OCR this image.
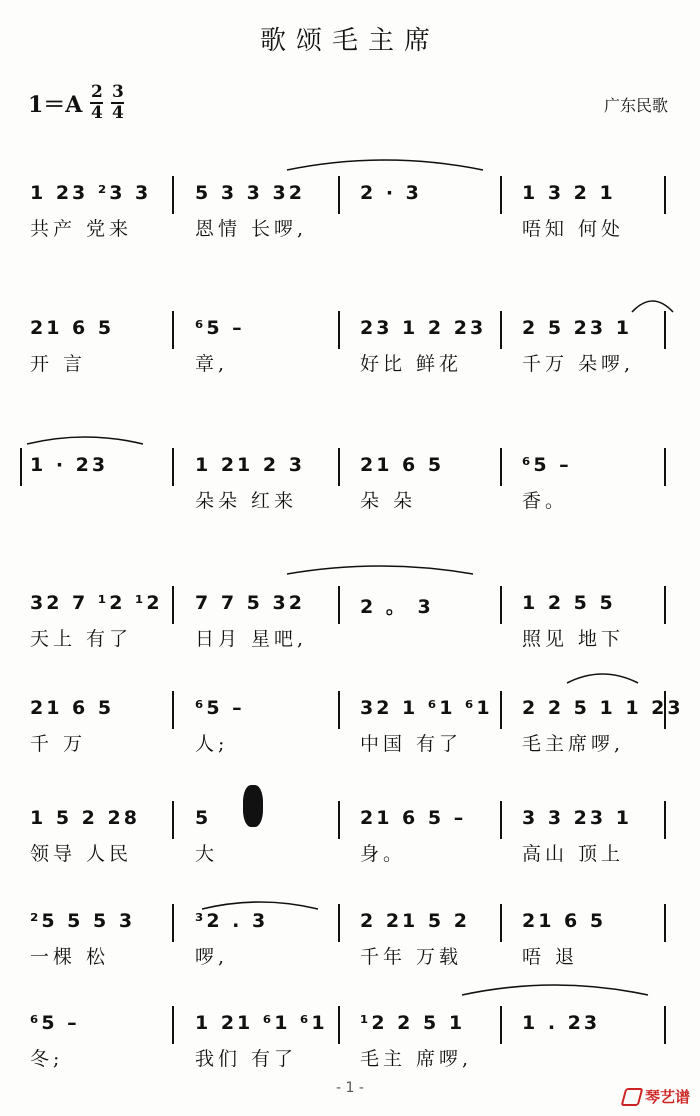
歌颂毛主席
1＝A 2
4
3
4	广东民歌
1 23 ²3 3
共产 党来
5 3 3 32
恩情 长啰,
2 · 3	1 3 2 1
唔知 何处
21 6 5
开 言
⁶5 –
章,
23 1 2 23
好比 鲜花
2 5 23 1
千万 朵啰,
1 · 23	1 21 2 3
朵朵 红来
21 6 5
朵 朵
⁶5 –
香。
32 7 ¹2 ¹2
天上 有了
7 7 5 32
日月 星吧,
2 。 3	1 2 5 5
照见 地下
21 6 5
千 万
⁶5 –
人;
32 1 ⁶1 ⁶1
中国 有了
2 2 5 1 1 23
毛主席啰,
1 5 2 28
领导 人民
5
大
21 6 5 –
身。
3 3 23 1
高山 顶上
²5 5 5 3
一棵 松
³2 . 3
啰,
2 21 5 2
千年 万载
21 6 5
唔 退
⁶5 –
冬;
1 21 ⁶1 ⁶1
我们 有了
¹2 2 5 1
毛主 席啰,
1 . 23
- 1 -	琴艺谱
